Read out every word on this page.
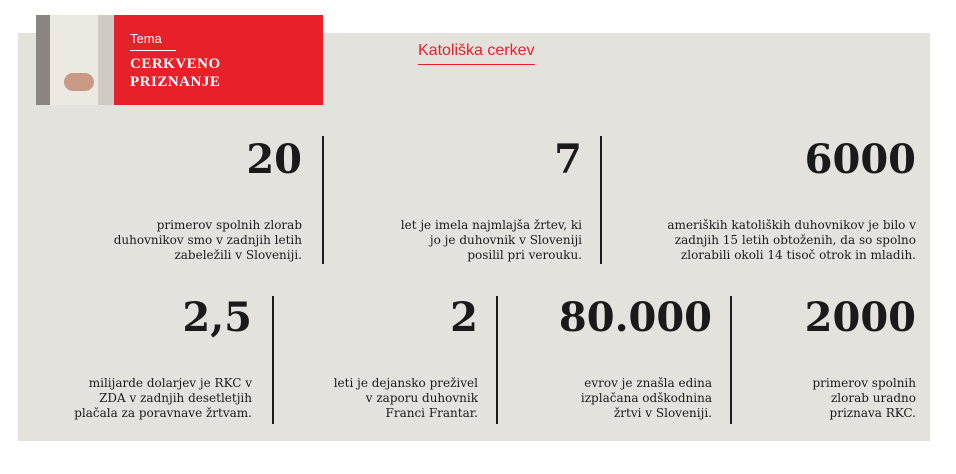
Tema
CERKVENO
PRIZNANJE
Katoliška cerkev
20
primerov spolnih zlorab
duhovnikov smo v zadnjih letih
zabeležili v Sloveniji.
7
let je imela najmlajša žrtev, ki
jo je duhovnik v Sloveniji
posilil pri verouku.
6000
ameriških katoliških duhovnikov je bilo v
zadnjih 15 letih obtoženih, da so spolno
zlorabili okoli 14 tisoč otrok in mladih.
2,5
milijarde dolarjev je RKC v
ZDA v zadnjih desetletjih
plačala za poravnave žrtvam.
2
leti je dejansko preživel
v zaporu duhovnik
Franci Frantar.
80.000
evrov je znašla edina
izplačana odškodnina
žrtvi v Sloveniji.
2000
primerov spolnih
zlorab uradno
priznava RKC.
